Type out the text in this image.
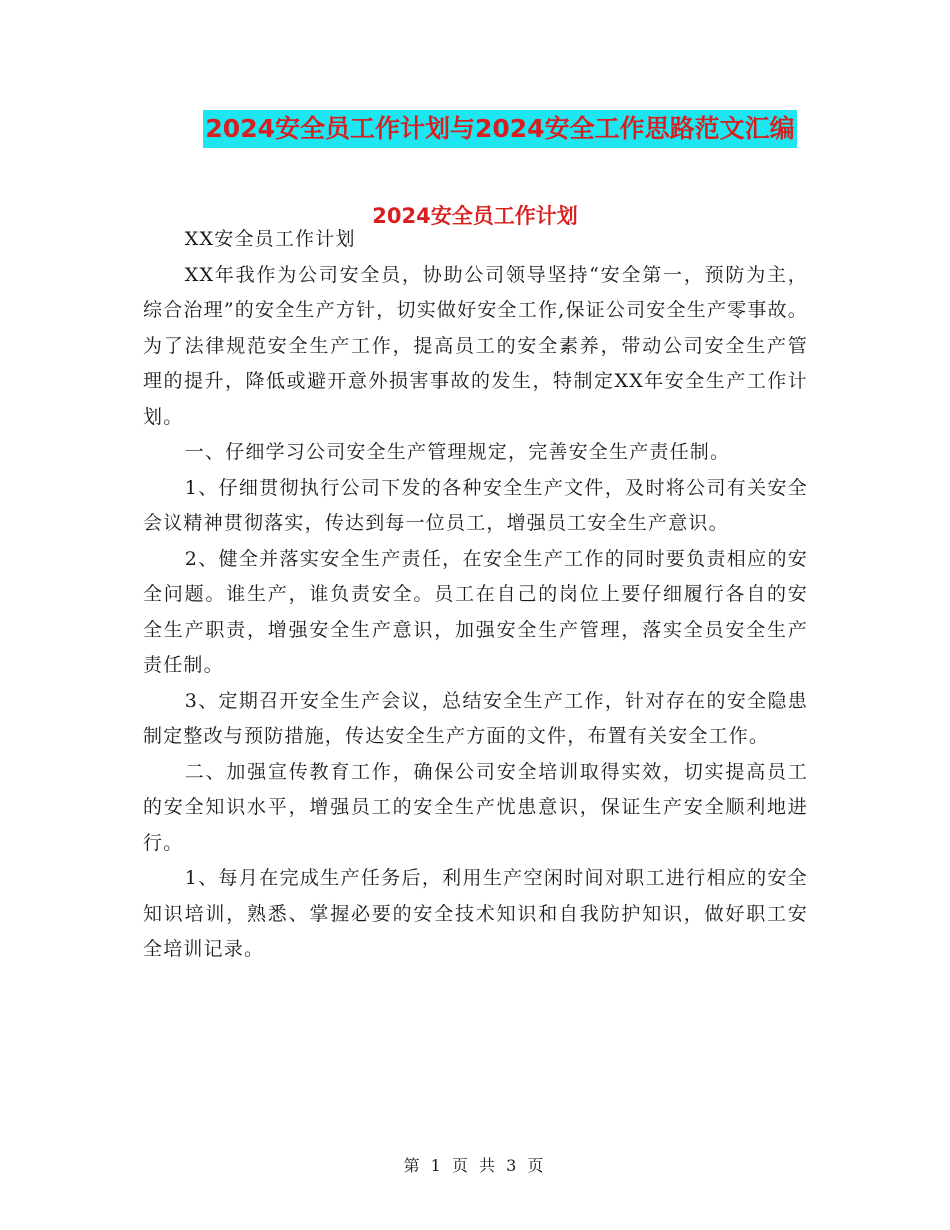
2024安全员工作计划与2024安全工作思路范文汇编
2024安全员工作计划

XX安全员工作计划

XX年我作为公司安全员，协助公司领导坚持“安全第一，预防为主，综合治理”的安全生产方针，切实做好安全工作,保证公司安全生产零事故。为了法律规范安全生产工作，提高员工的安全素养，带动公司安全生产管理的提升，降低或避开意外损害事故的发生，特制定XX年安全生产工作计划。

一、仔细学习公司安全生产管理规定，完善安全生产责任制。

1、仔细贯彻执行公司下发的各种安全生产文件，及时将公司有关安全会议精神贯彻落实，传达到每一位员工，增强员工安全生产意识。

2、健全并落实安全生产责任，在安全生产工作的同时要负责相应的安全问题。谁生产，谁负责安全。员工在自己的岗位上要仔细履行各自的安全生产职责，增强安全生产意识，加强安全生产管理，落实全员安全生产责任制。

3、定期召开安全生产会议，总结安全生产工作，针对存在的安全隐患制定整改与预防措施，传达安全生产方面的文件，布置有关安全工作。

二、加强宣传教育工作，确保公司安全培训取得实效，切实提高员工的安全知识水平，增强员工的安全生产忧患意识，保证生产安全顺利地进行。

1、每月在完成生产任务后，利用生产空闲时间对职工进行相应的安全知识培训，熟悉、掌握必要的安全技术知识和自我防护知识，做好职工安全培训记录。

第 1 页 共 3 页
